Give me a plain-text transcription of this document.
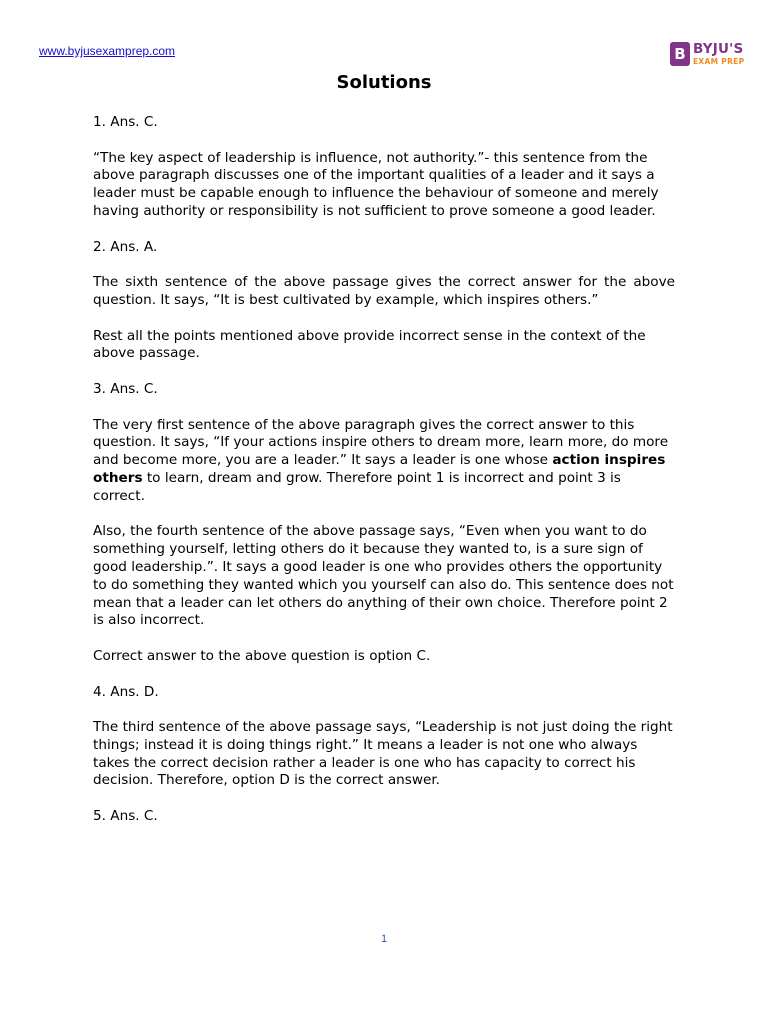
www.byjusexamprep.com	B BYJU'S
EXAM PREP
Solutions

1. Ans. C.

“The key aspect of leadership is influence, not authority.”- this sentence from the above paragraph discusses one of the important qualities of a leader and it says a leader must be capable enough to influence the behaviour of someone and merely having authority or responsibility is not sufficient to prove someone a good leader.

2. Ans. A.

The sixth sentence of the above passage gives the correct answer for the above question. It says, “It is best cultivated by example, which inspires others.”

Rest all the points mentioned above provide incorrect sense in the context of the above passage.

3. Ans. C.

The very first sentence of the above paragraph gives the correct answer to this question. It says, “If your actions inspire others to dream more, learn more, do more and become more, you are a leader.” It says a leader is one whose action inspires others to learn, dream and grow. Therefore point 1 is incorrect and point 3 is correct.

Also, the fourth sentence of the above passage says, “Even when you want to do something yourself, letting others do it because they wanted to, is a sure sign of good leadership.”. It says a good leader is one who provides others the opportunity to do something they wanted which you yourself can also do. This sentence does not mean that a leader can let others do anything of their own choice. Therefore point 2 is also incorrect.

Correct answer to the above question is option C.

4. Ans. D.

The third sentence of the above passage says, “Leadership is not just doing the right things; instead it is doing things right.” It means a leader is not one who always takes the correct decision rather a leader is one who has capacity to correct his decision. Therefore, option D is the correct answer.

5. Ans. C.

1
